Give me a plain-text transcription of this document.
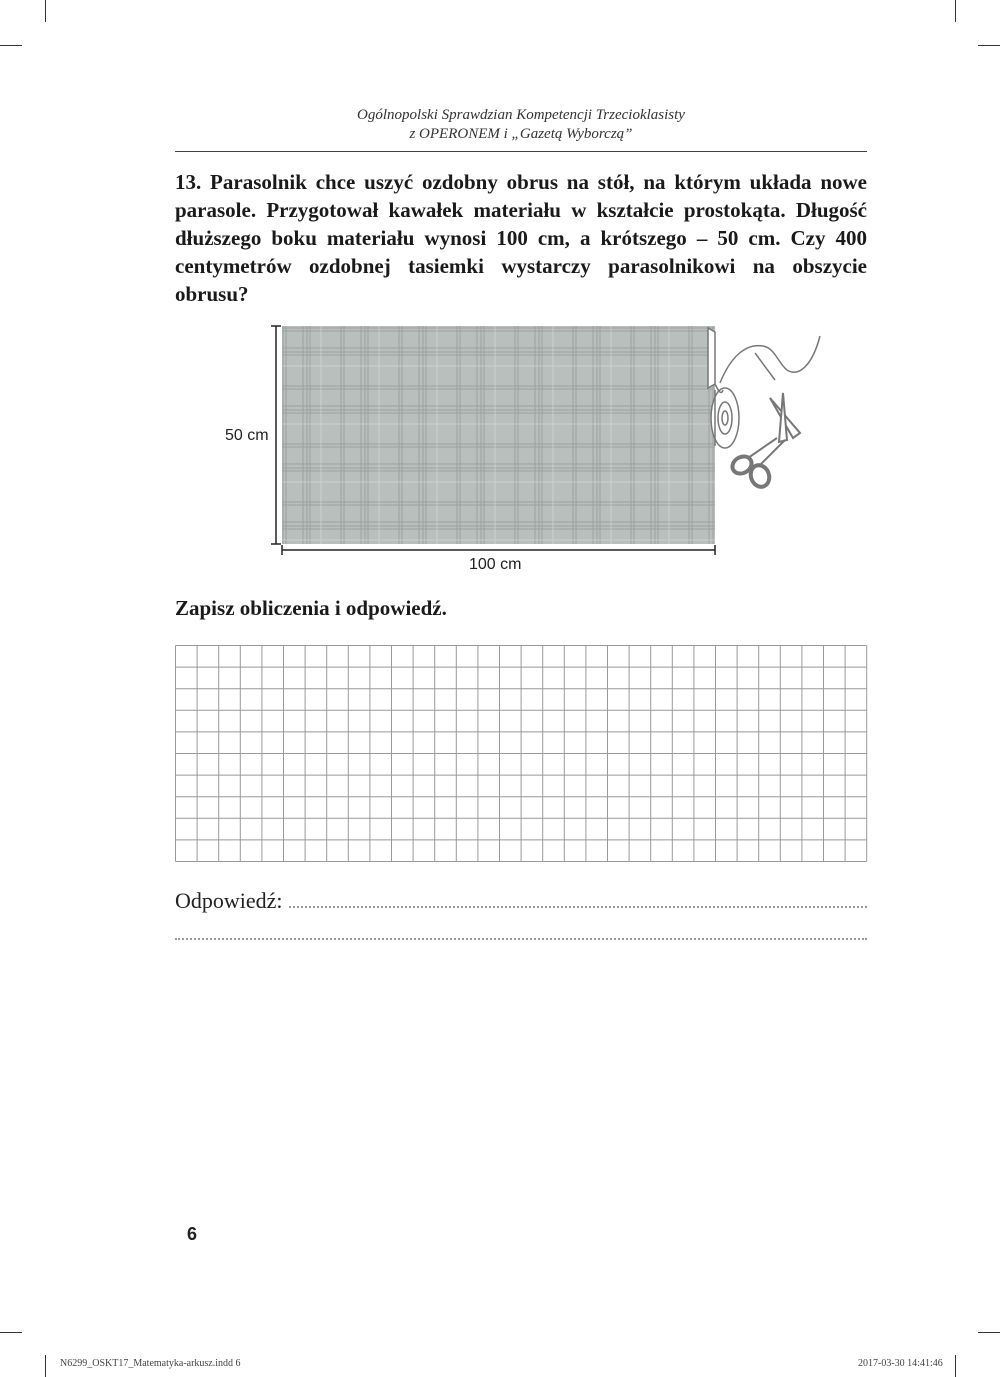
Ogólnopolski Sprawdzian Kompetencji Trzecioklasisty
z OPERONEM i „Gazetą Wyborczą”
13. Parasolnik chce uszyć ozdobny obrus na stół, na którym układa nowe parasole. Przygotował kawałek materiału w kształcie prostokąta. Długość dłuższego boku materiału wynosi 100 cm, a krótszego – 50 cm. Czy 400 centymetrów ozdobnej tasiemki wystarczy parasolnikowi na obszycie obrusu?
50 cm
100 cm
Zapisz obliczenia i odpowiedź.
Odpowiedź:
6
N6299_OSKT17_Matematyka-arkusz.indd 6	2017-03-30 14:41:46
